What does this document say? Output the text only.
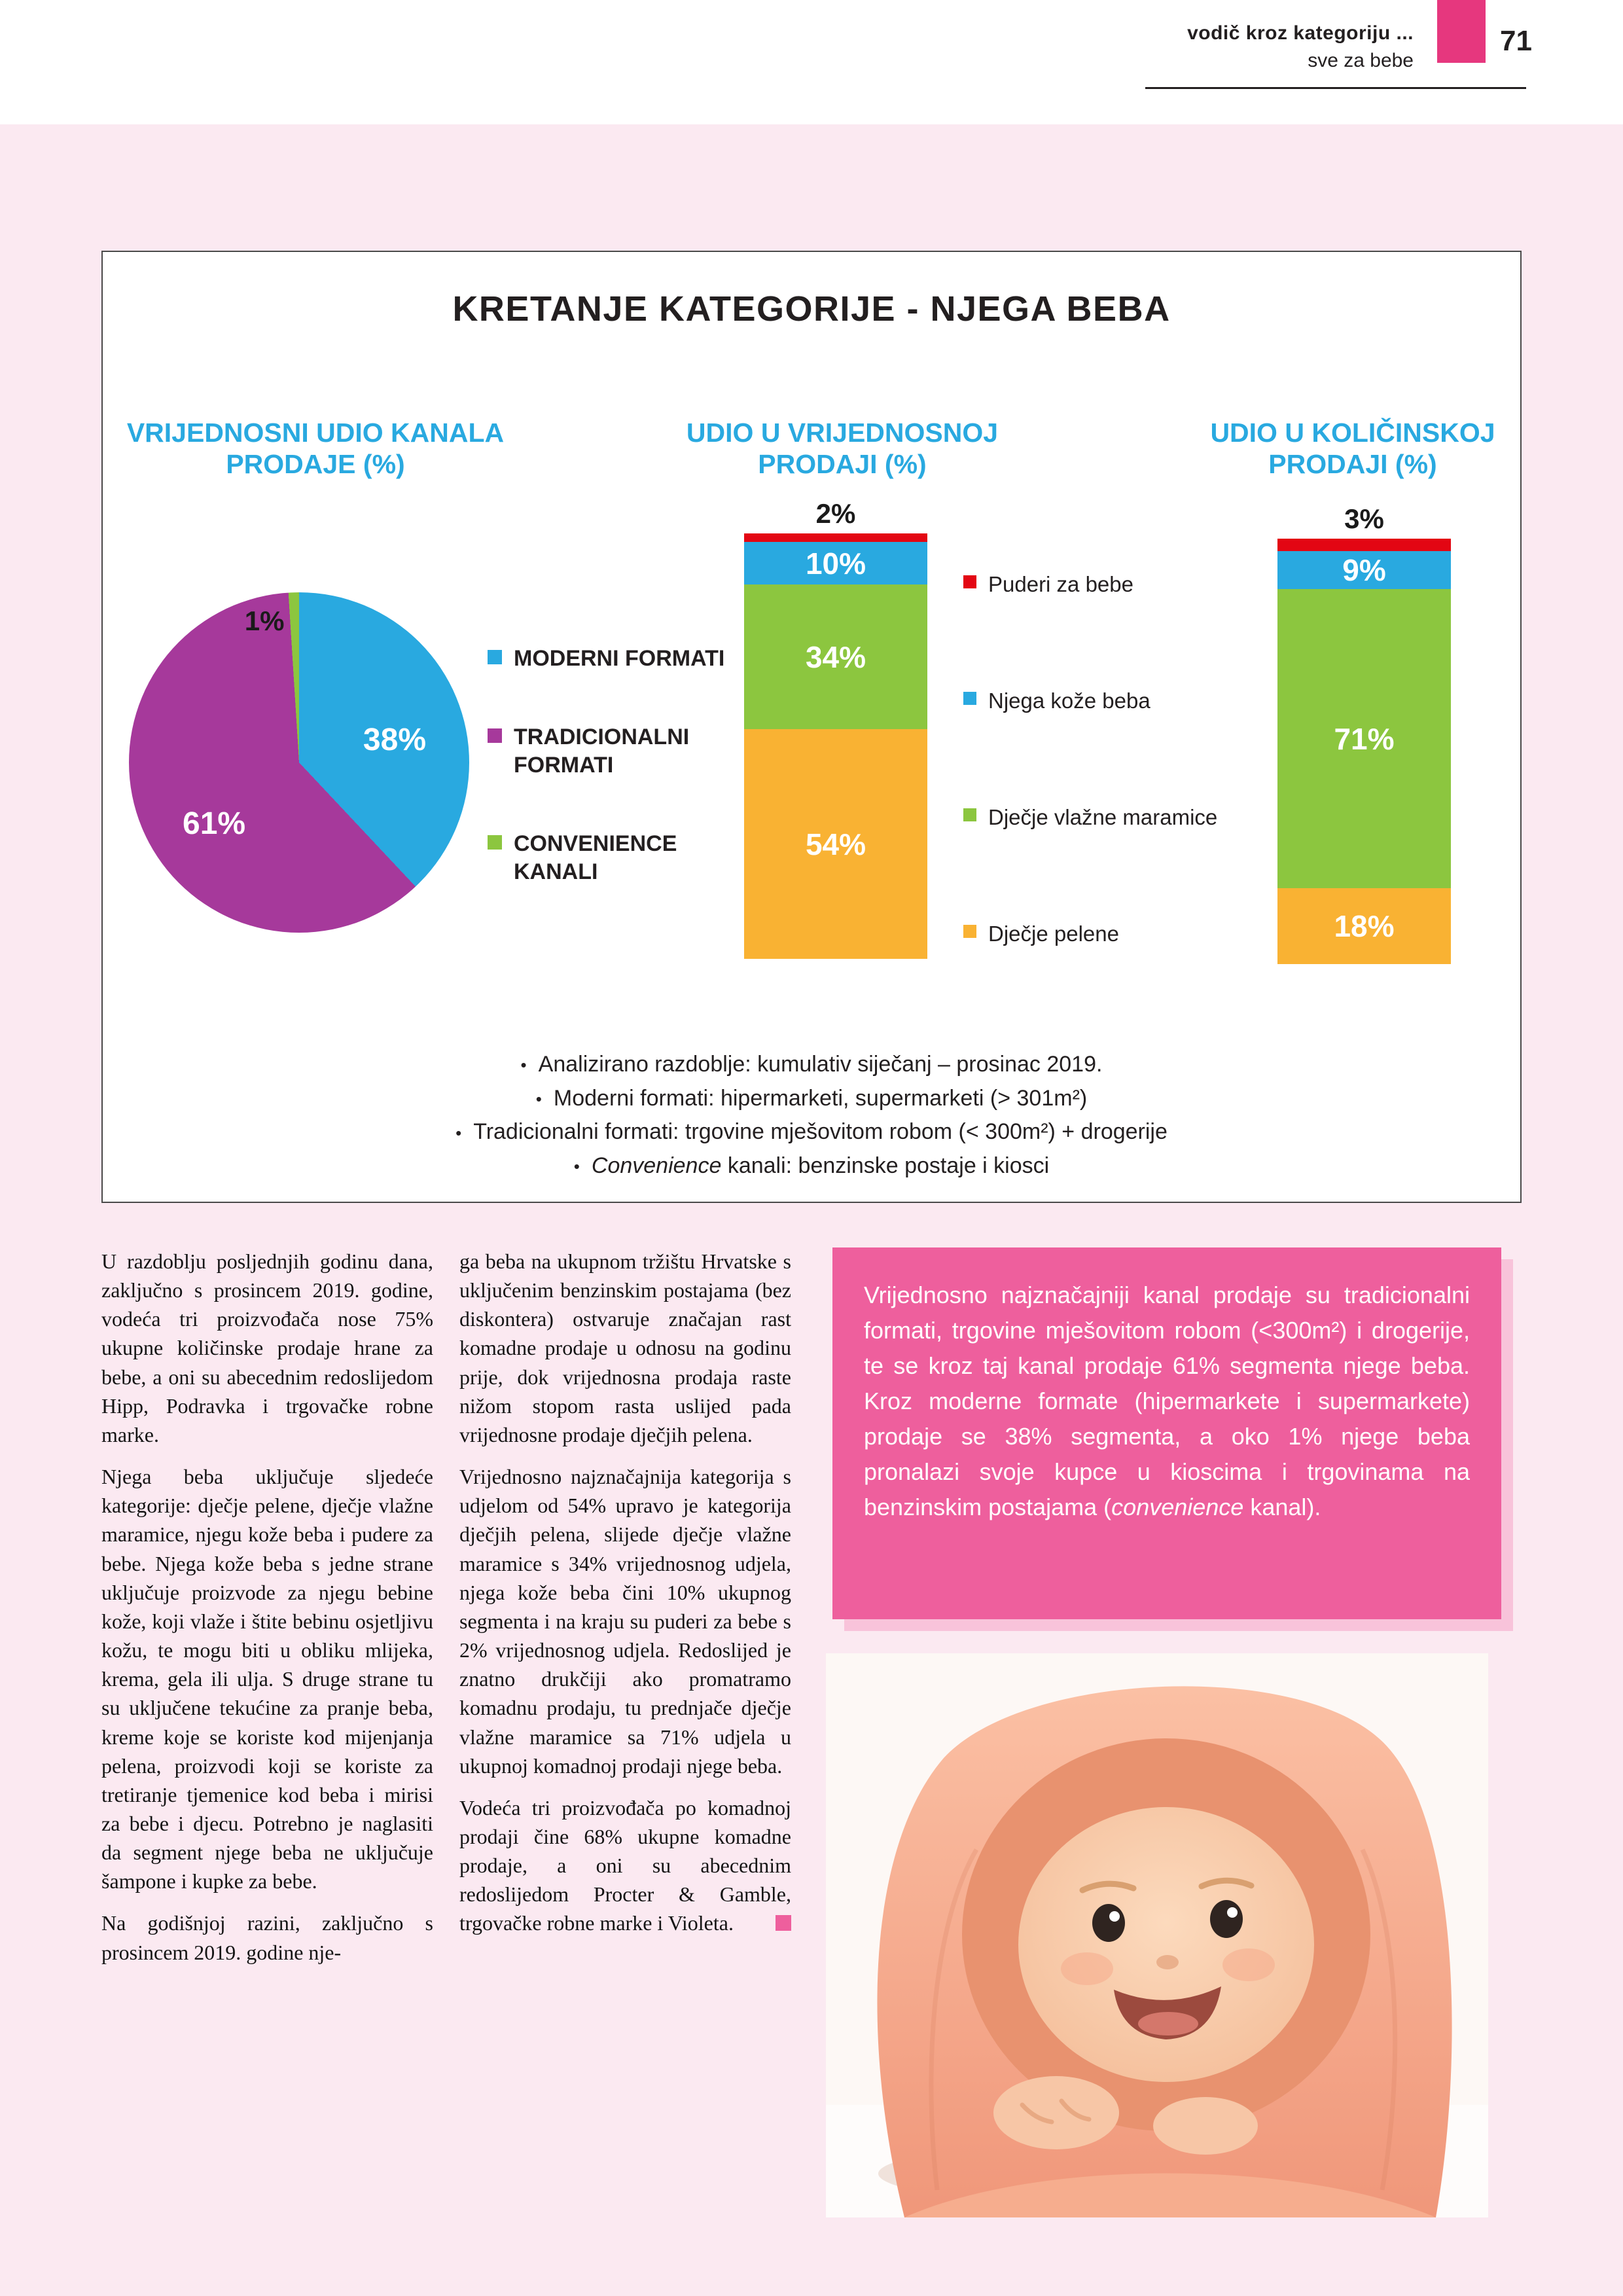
vodič kroz kategoriju ...
sve za bebe
71
KRETANJE KATEGORIJE - NJEGA BEBA
VRIJEDNOSNI UDIO KANALA PRODAJE (%)
UDIO U VRIJEDNOSNOJ PRODAJI (%)
UDIO U KOLIČINSKOJ PRODAJI (%)
1%
38%
61%
MODERNI FORMATI
TRADICIONALNI FORMATI
CONVENIENCE KANALI
2%
10%
34%
54%
Puderi za bebe
Njega kože beba
Dječje vlažne maramice
Dječje pelene
3%
9%
71%
18%
• Analizirano razdoblje: kumulativ siječanj – prosinac 2019.
• Moderni formati: hipermarketi, supermarketi (> 301m²)
• Tradicionalni formati: trgovine mješovitom robom (< 300m²) + drogerije
• Convenience kanali: benzinske postaje i kiosci

U razdoblju posljednjih godinu dana, zaključno s prosincem 2019. godine, vodeća tri proizvođača nose 75% ukupne količinske prodaje hrane za bebe, a oni su abecednim redoslijedom Hipp, Podravka i trgovačke robne marke.

Njega beba uključuje sljedeće kategorije: dječje pelene, dječje vlažne maramice, njegu kože beba i pudere za bebe. Njega kože beba s jedne strane uključuje proizvode za njegu bebine kože, koji vlaže i štite bebinu osjetljivu kožu, te mogu biti u obliku mlijeka, krema, gela ili ulja. S druge strane tu su uključene tekućine za pranje beba, kreme koje se koriste kod mijenjanja pelena, proizvodi koji se koriste za tretiranje tjemenice kod beba i mirisi za bebe i djecu. Potrebno je naglasiti da segment njege beba ne uključuje šampone i kupke za bebe.

Na godišnjoj razini, zaključno s prosincem 2019. godine nje-

ga beba na ukupnom tržištu Hrvatske s uključenim benzinskim postajama (bez diskontera) ostvaruje značajan rast komadne prodaje u odnosu na godinu prije, dok vrijednosna prodaja raste nižom stopom rasta uslijed pada vrijednosne prodaje dječjih pelena.

Vrijednosno najznačajnija kategorija s udjelom od 54% upravo je kategorija dječjih pelena, slijede dječje vlažne maramice s 34% vrijednosnog udjela, njega kože beba čini 10% ukupnog segmenta i na kraju su puderi za bebe s 2% vrijednosnog udjela. Redoslijed je znatno drukčiji ako promatramo komadnu prodaju, tu prednjače dječje vlažne maramice sa 71% udjela u ukupnoj komadnoj prodaji njege beba.

Vodeća tri proizvođača po komadnoj prodaji čine 68% ukupne komadne prodaje, a oni su abecednim redoslijedom Procter & Gamble, trgovačke robne marke i Violeta.

Vrijednosno najznačajniji kanal prodaje su tradicionalni formati, trgovine mješovitom robom (<300m²) i drogerije, te se kroz taj kanal prodaje 61% segmenta njege beba. Kroz moderne formate (hipermarkete i supermarkete) prodaje se 38% segmenta, a oko 1% njege beba pronalazi svoje kupce u kioscima i trgovinama na benzinskim postajama (convenience kanal).
